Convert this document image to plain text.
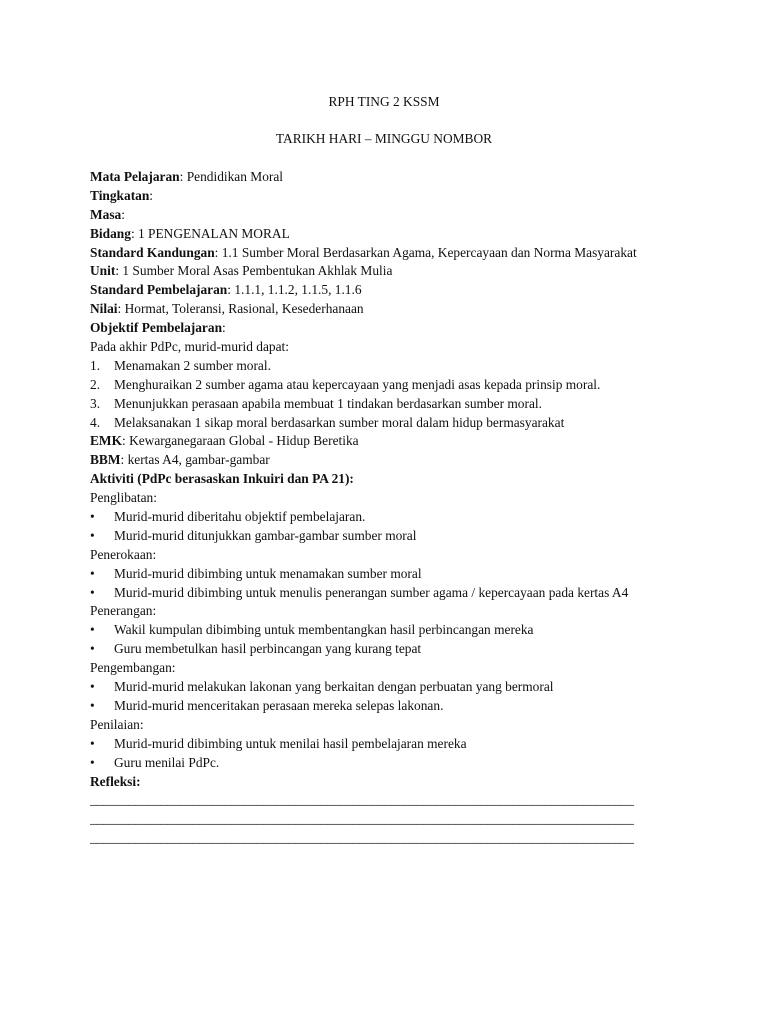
RPH TING 2 KSSM
TARIKH HARI – MINGGU NOMBOR
Mata Pelajaran: Pendidikan Moral
Tingkatan:
Masa:
Bidang: 1 PENGENALAN MORAL
Standard Kandungan: 1.1 Sumber Moral Berdasarkan Agama, Kepercayaan dan Norma Masyarakat
Unit: 1 Sumber Moral Asas Pembentukan Akhlak Mulia
Standard Pembelajaran: 1.1.1, 1.1.2, 1.1.5, 1.1.6
Nilai: Hormat, Toleransi, Rasional, Kesederhanaan
Objektif Pembelajaran:
Pada akhir PdPc, murid-murid dapat:
1. Menamakan 2 sumber moral.
2. Menghuraikan 2 sumber agama atau kepercayaan yang menjadi asas kepada prinsip moral.
3. Menunjukkan perasaan apabila membuat 1 tindakan berdasarkan sumber moral.
4. Melaksanakan 1 sikap moral berdasarkan sumber moral dalam hidup bermasyarakat
EMK: Kewarganegaraan Global - Hidup Beretika
BBM: kertas A4, gambar-gambar
Aktiviti (PdPc berasaskan Inkuiri dan PA 21):
Penglibatan:
• Murid-murid diberitahu objektif pembelajaran.
• Murid-murid ditunjukkan gambar-gambar sumber moral
Penerokaan:
• Murid-murid dibimbing untuk menamakan sumber moral
• Murid-murid dibimbing untuk menulis penerangan sumber agama / kepercayaan pada kertas A4
Penerangan:
• Wakil kumpulan dibimbing untuk membentangkan hasil perbincangan mereka
• Guru membetulkan hasil perbincangan yang kurang tepat
Pengembangan:
• Murid-murid melakukan lakonan yang berkaitan dengan perbuatan yang bermoral
• Murid-murid menceritakan perasaan mereka selepas lakonan.
Penilaian:
• Murid-murid dibimbing untuk menilai hasil pembelajaran mereka
• Guru menilai PdPc.
Refleksi:
_____________________________________________________________________________________
_____________________________________________________________________________________
_____________________________________________________________________________________
